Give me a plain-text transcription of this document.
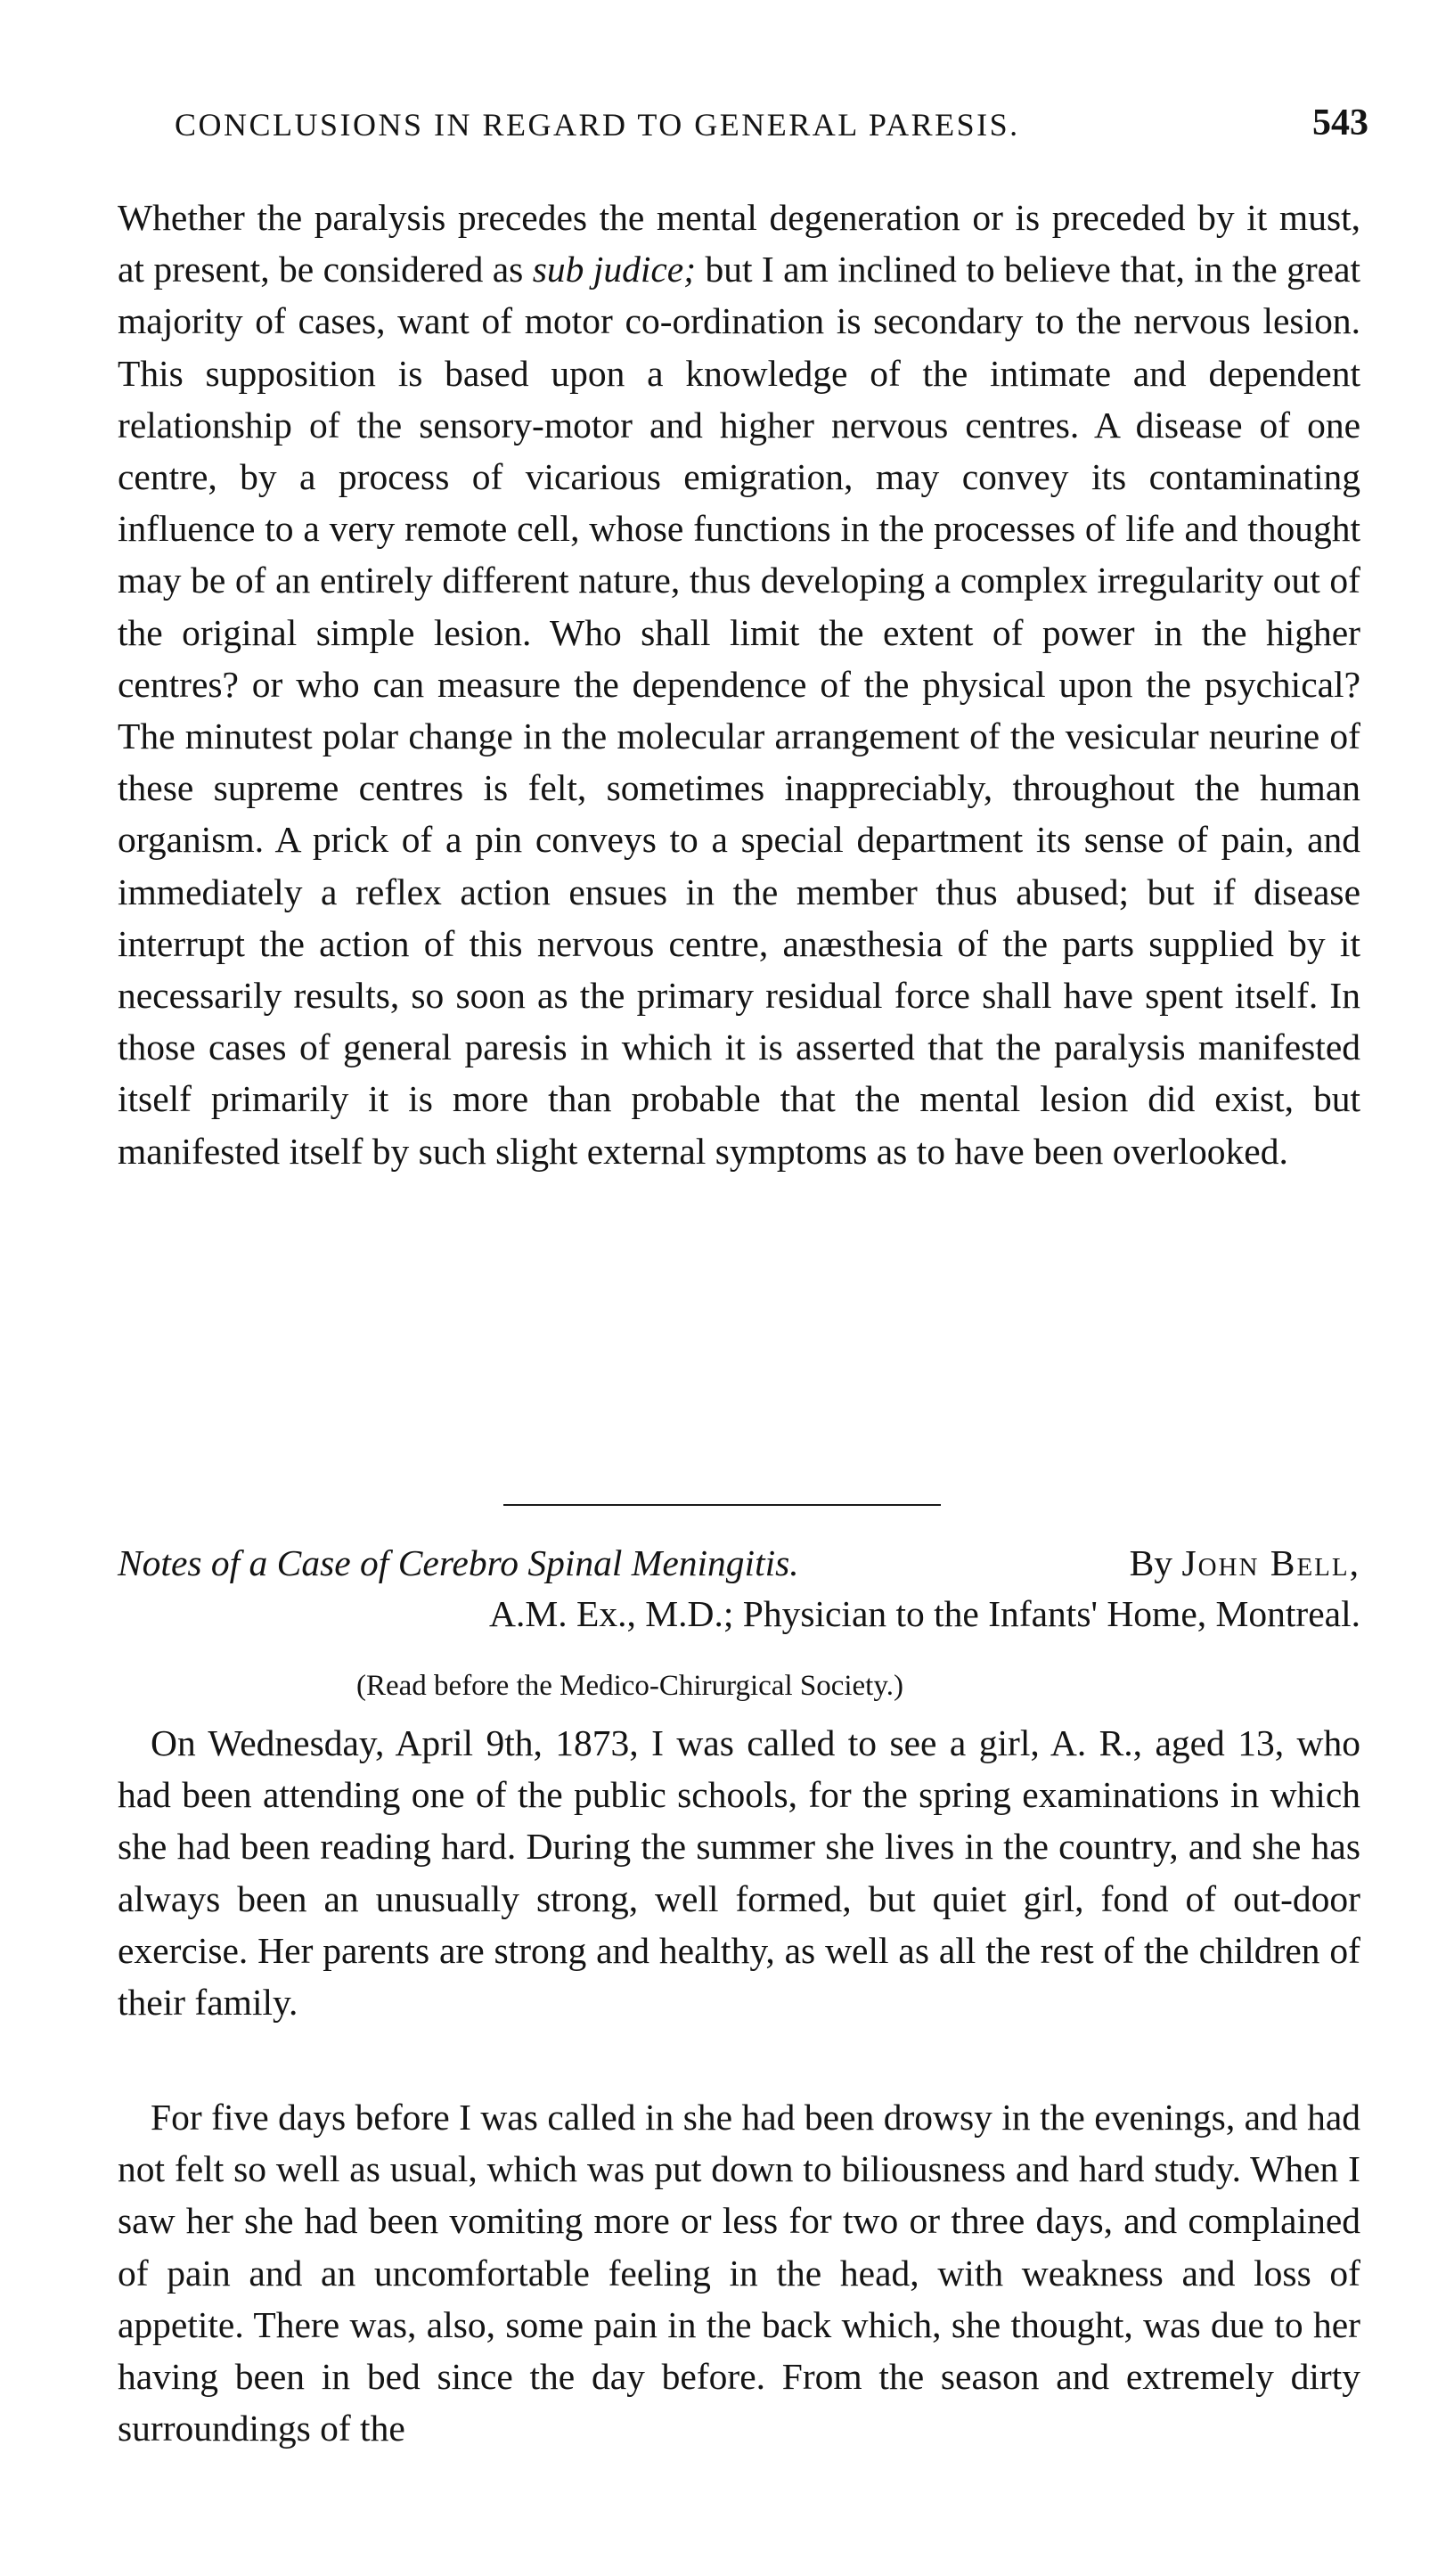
CONCLUSIONS IN REGARD TO GENERAL PARESIS.	543

Whether the paralysis precedes the mental degeneration or is preceded by it must, at present, be considered as sub judice; but I am inclined to believe that, in the great majority of cases, want of motor co-ordination is secondary to the nervous lesion. This supposition is based upon a knowledge of the intimate and dependent relationship of the sensory-motor and higher nervous centres. A disease of one centre, by a process of vicarious emigration, may convey its contaminating influence to a very remote cell, whose functions in the processes of life and thought may be of an entirely different nature, thus developing a complex irregularity out of the original simple lesion. Who shall limit the extent of power in the higher centres? or who can measure the dependence of the physical upon the psychical? The minutest polar change in the molecular arrangement of the vesicular neurine of these supreme centres is felt, sometimes inappreciably, throughout the human organism. A prick of a pin conveys to a special department its sense of pain, and immediately a reflex action ensues in the member thus abused; but if disease interrupt the action of this nervous centre, anæsthesia of the parts supplied by it necessarily results, so soon as the primary residual force shall have spent itself. In those cases of general paresis in which it is asserted that the paralysis manifested itself primarily it is more than probable that the mental lesion did exist, but manifested itself by such slight external symptoms as to have been overlooked.

Notes of a Case of Cerebro Spinal Meningitis.	By John Bell,
A.M. Ex., M.D.; Physician to the Infants' Home, Montreal.
(Read before the Medico-Chirurgical Society.)

On Wednesday, April 9th, 1873, I was called to see a girl, A. R., aged 13, who had been attending one of the public schools, for the spring examinations in which she had been reading hard. During the summer she lives in the country, and she has always been an unusually strong, well formed, but quiet girl, fond of out-door exercise. Her parents are strong and healthy, as well as all the rest of the children of their family.

For five days before I was called in she had been drowsy in the evenings, and had not felt so well as usual, which was put down to biliousness and hard study. When I saw her she had been vomiting more or less for two or three days, and complained of pain and an uncomfortable feeling in the head, with weakness and loss of appetite. There was, also, some pain in the back which, she thought, was due to her having been in bed since the day before. From the season and extremely dirty surroundings of the
